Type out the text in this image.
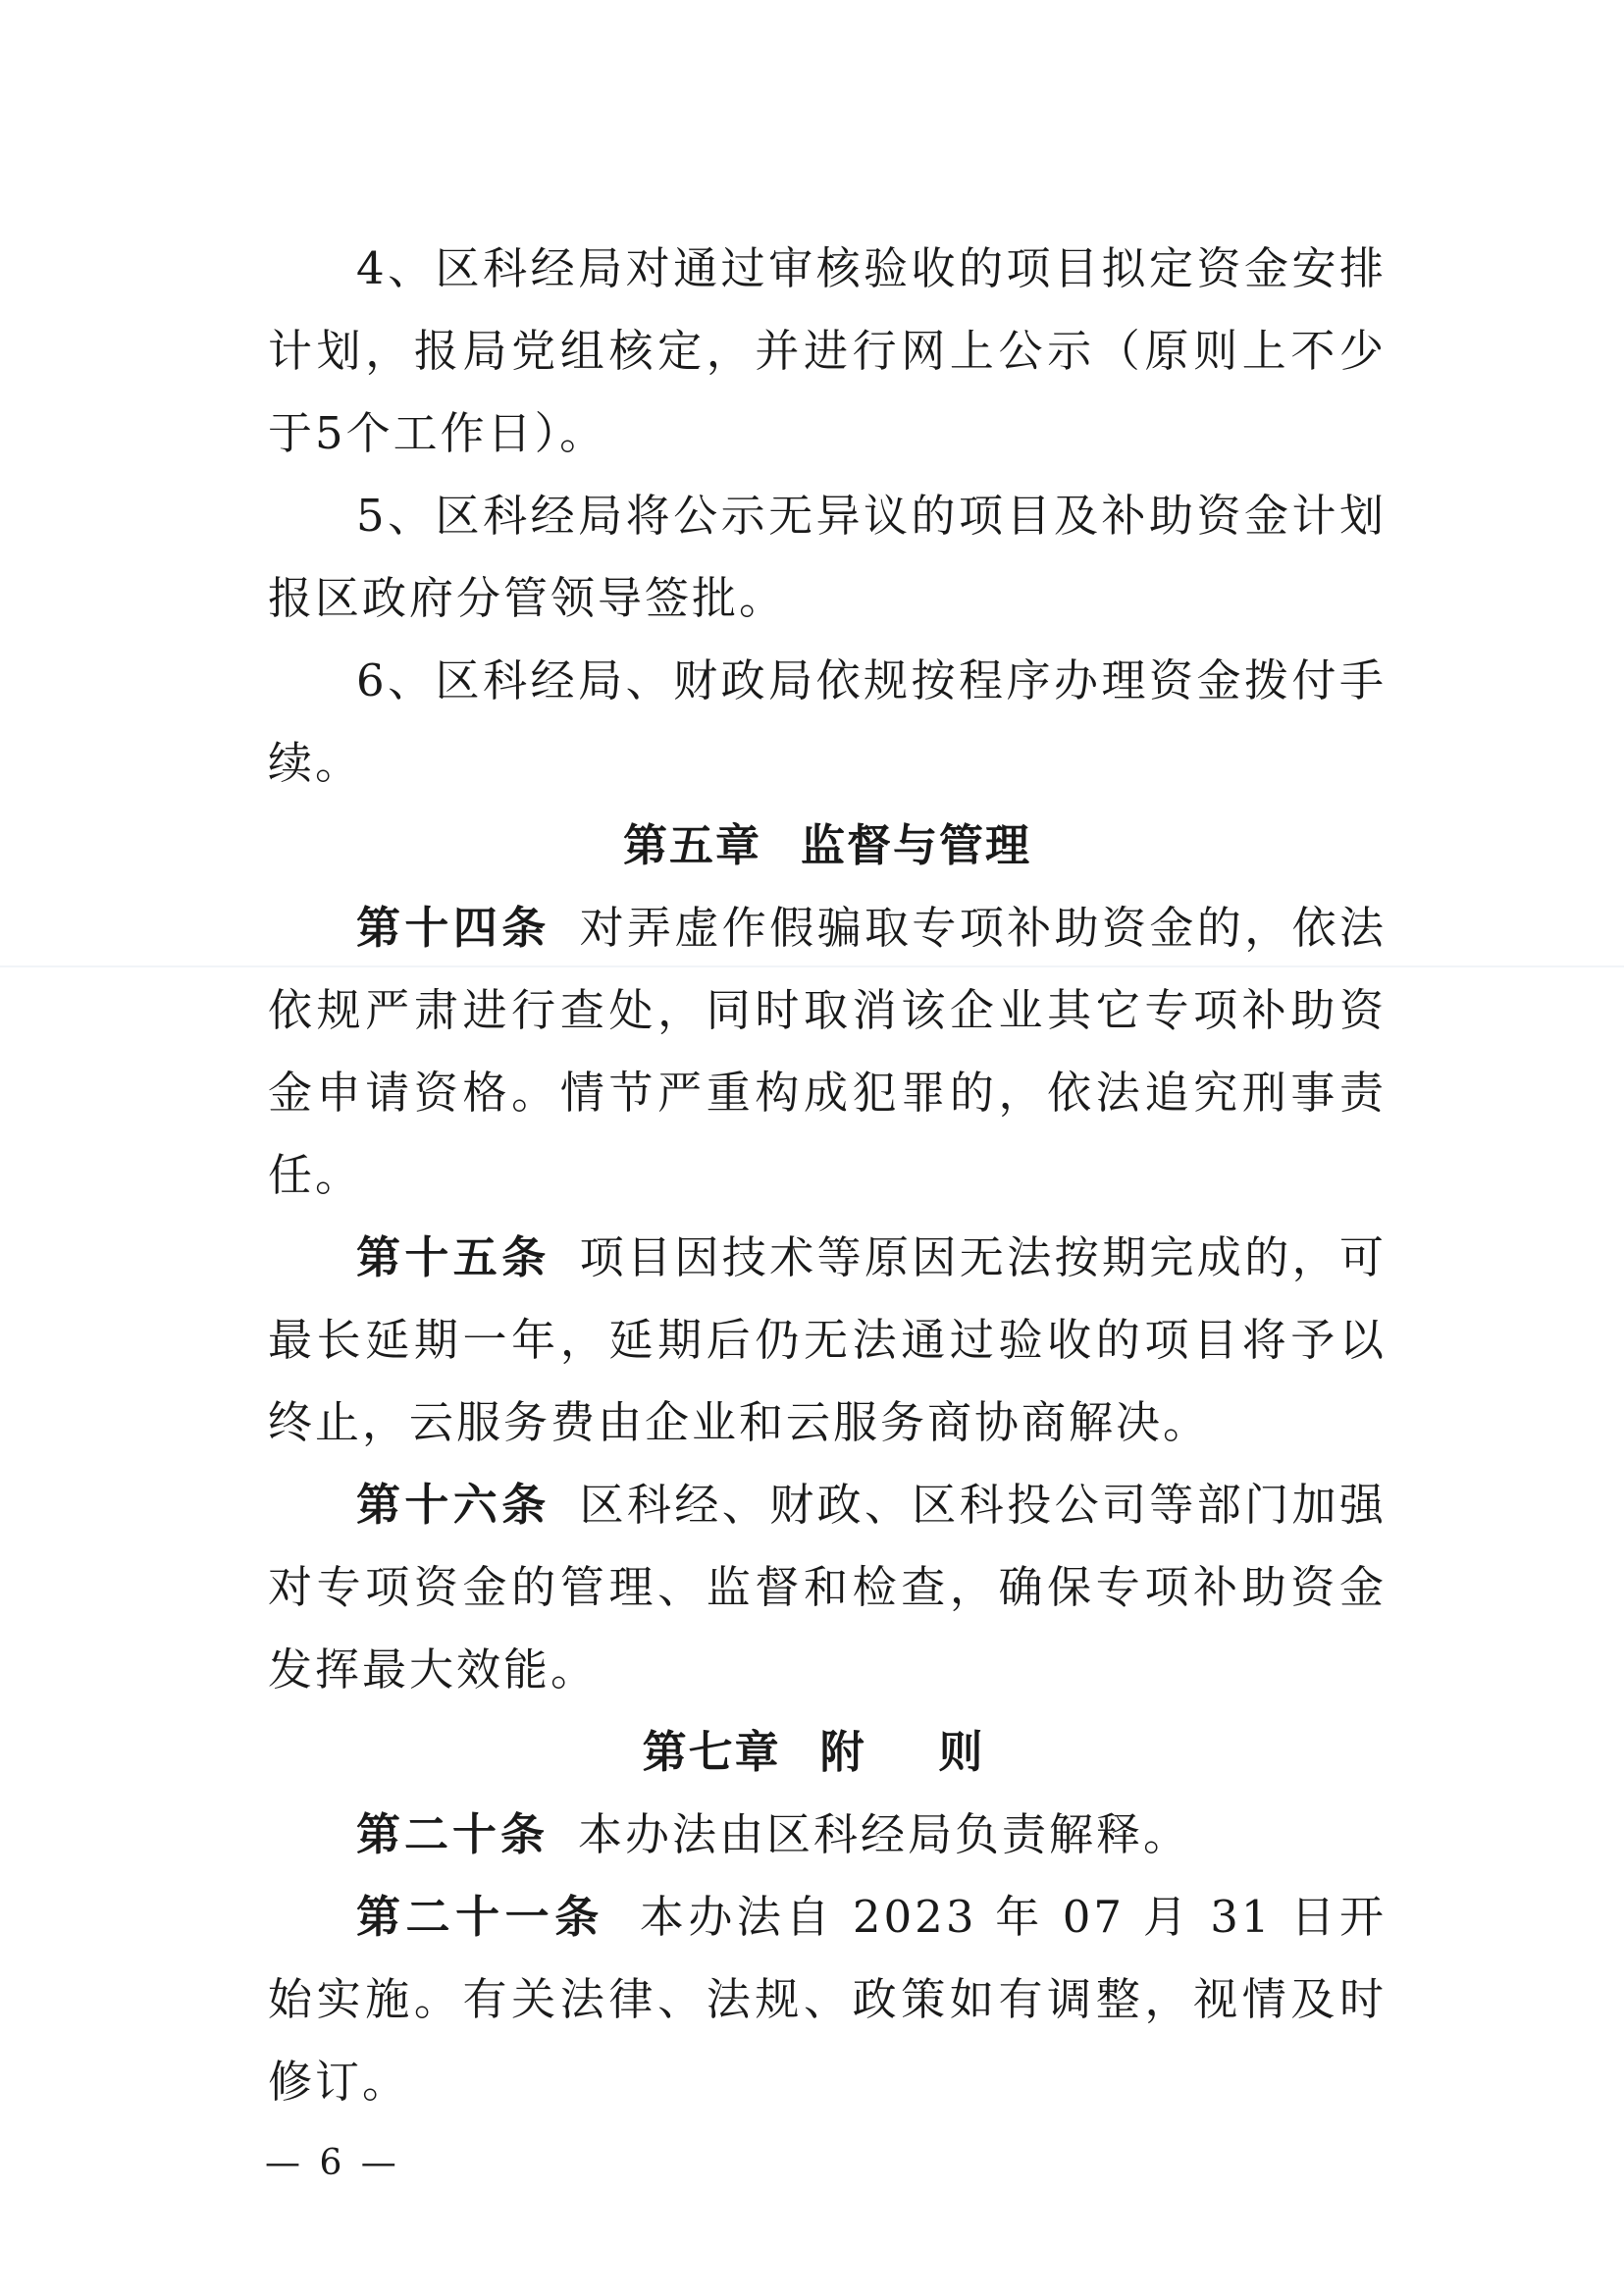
4、区科经局对通过审核验收的项目拟定资金安排计划，报局党组核定，并进行网上公示（原则上不少于5个工作日）。

5、区科经局将公示无异议的项目及补助资金计划报区政府分管领导签批。

6、区科经局、财政局依规按程序办理资金拨付手续。

第五章 监督与管理

第十四条 对弄虚作假骗取专项补助资金的，依法依规严肃进行查处，同时取消该企业其它专项补助资金申请资格。情节严重构成犯罪的，依法追究刑事责任。

第十五条 项目因技术等原因无法按期完成的，可最长延期一年，延期后仍无法通过验收的项目将予以终止，云服务费由企业和云服务商协商解决。

第十六条 区科经、财政、区科投公司等部门加强对专项资金的管理、监督和检查，确保专项补助资金发挥最大效能。

第七章 附 则

第二十条 本办法由区科经局负责解释。

第二十一条 本办法自 2023 年 07 月 31 日开始实施。有关法律、法规、政策如有调整，视情及时修订。

— 6 —
